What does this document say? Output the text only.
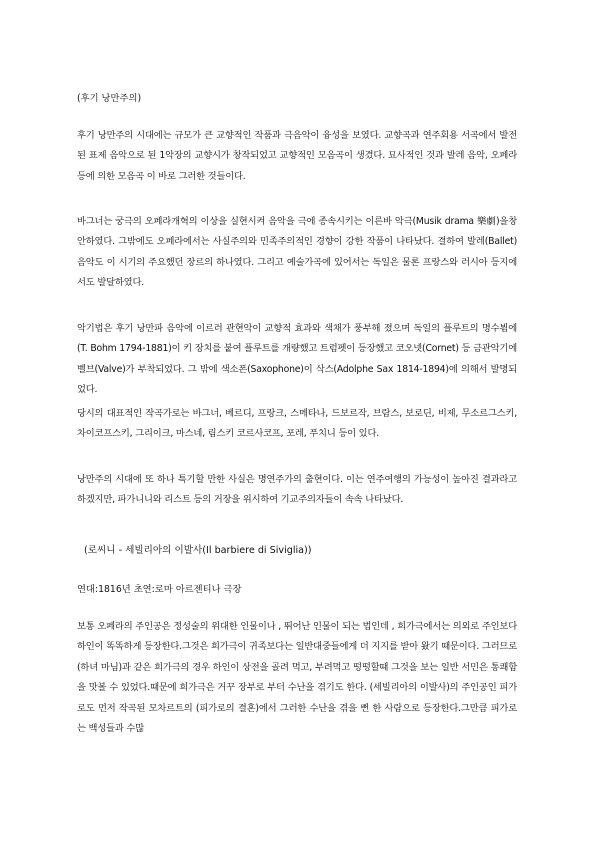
(후기 낭만주의)

후기 낭만주의 시대에는 규모가 큰 교향적인 작품과 극음악이 융성을 보였다. 교향곡과 연주회용 서곡에서 발전된 표제 음악으로 된 1악장의 교향시가 창작되었고 교향적인 모음곡이 생겼다. 묘사적인 것과 발레 음악, 오페라 등에 의한 모음곡 이 바로 그러한 것들이다.

바그너는 궁극의 오페라개혁의 이상을 실현시켜 음악을 극에 종속시키는 이른바 악극(Musik drama 樂劇)을창안하였다. 그밖에도 오페라에서는 사실주의와 민족주의적인 경향이 강한 작품이 나타났다. 결하여 발레(Ballet) 음악도 이 시기의 주요했던 장르의 하나였다. 그리고 예술가곡에 있어서는 독일은 물론 프랑스와 러시아 등지에서도 발달하였다.

악기법은 후기 낭만파 음악에 이르러 관현악이 교향적 효과와 색채가 풍부해 졌으며 독일의 플루트의 명수뵘에(T. Bohm 1794-1881)이 키 장치를 붙여 플루트를 개량했고 트럼펫이 등장했고 코오넷(Cornet) 등 금관악기에 벨브(Valve)가 부착되었다. 그 밖에 색소폰(Saxophone)이 삭스(Adolphe Sax 1814-1894)에 의해서 발명되었다.

당시의 대표적인 작곡가로는 바그너, 베르디, 프랑크, 스메타나, 드보르작, 브람스, 보로딘, 비제, 무소르그스키, 차이코프스키, 그리이크, 마스네, 림스키 코르사코프, 포레, 푸치니 등이 있다.

낭만주의 시대에 또 하나 특기할 만한 사실은 명연주가의 출현이다. 이는 연주여행의 가능성이 높아진 결과라고 하겠지만, 파가니니와 리스트 등의 거장을 위시하여 기교주의자들이 속속 나타났다.

(로씨니 - 세빌리아의 이발사(Il barbiere di Siviglia))

연대:1816년 초연:로마 아르젠티나 극장

보통 오페라의 주인공은 정성술의 위대한 인물이나 , 뛰어난 인물이 되는 법인데 , 희가극에서는 의외로 주인보다 하인이 똑똑하게 등장한다.그것은 희가극이 귀족보다는 일반대중들에게 더 지지를 받아 왔기 때문이다. 그러므로 (하녀 마님)과 같은 희가극의 경우 하인이 상전을 골려 먹고, 부려먹고 떵떵할때 그것을 보는 일반 서민은 통쾌함을 맛볼 수 있었다.때문에 희가극은 거꾸 장부로 부터 수난을 겪기도 한다. (세빌리아의 이발사)의 주인공인 피가로도 먼저 작곡된 모차르트의 (피가로의 결혼)에서 그러한 수난을 겪을 뻔 한 사람으로 등장한다.그만큼 피가로는 백성들과 수많
